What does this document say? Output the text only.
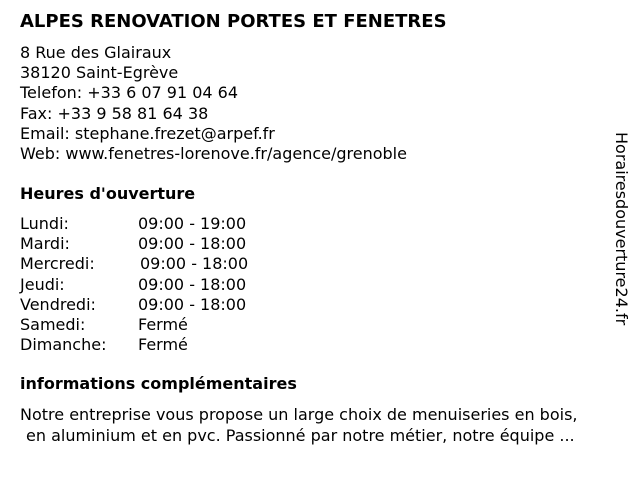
ALPES RENOVATION PORTES ET FENETRES
8 Rue des Glairaux
38120 Saint-Egrève
Telefon: +33 6 07 91 04 64
Fax: +33 9 58 81 64 38
Email: stephane.frezet@arpef.fr
Web: www.fenetres-lorenove.fr/agence/grenoble
Heures d'ouverture
Lundi:	09:00 - 19:00
Mardi:	09:00 - 18:00
Mercredi:	09:00 - 18:00
Jeudi:	09:00 - 18:00
Vendredi:	09:00 - 18:00
Samedi:	Fermé
Dimanche: Fermé
informations complémentaires
Notre entreprise vous propose un large choix de menuiseries en bois,
en aluminium et en pvc. Passionné par notre métier, notre équipe ...
Horairesdouverture24.fr
